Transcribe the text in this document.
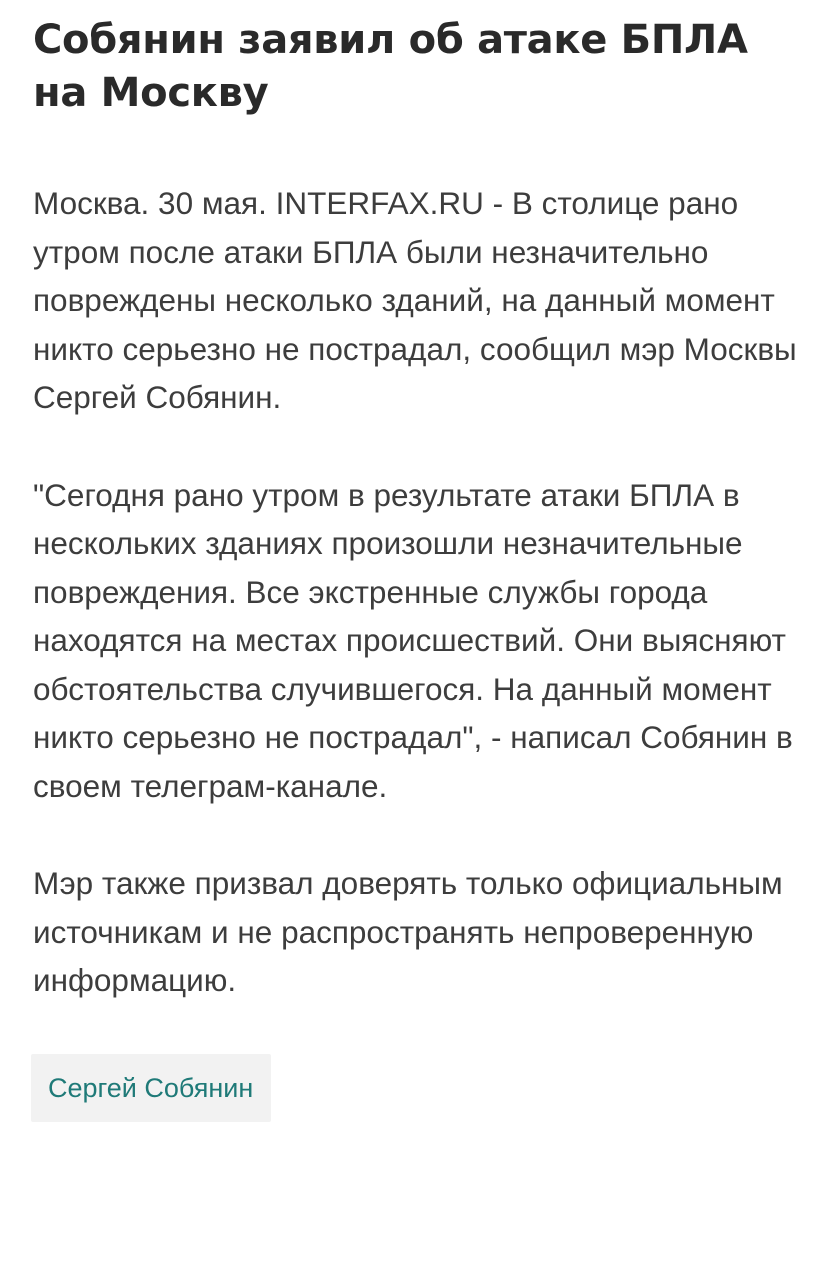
Собянин заявил об атаке БПЛА на Москву

Москва. 30 мая. INTERFAX.RU - В столице рано утром после атаки БПЛА были незначительно повреждены несколько зданий, на данный момент никто серьезно не пострадал, сообщил мэр Москвы Сергей Собянин.

"Сегодня рано утром в результате атаки БПЛА в нескольких зданиях произошли незначительные повреждения. Все экстренные службы города находятся на местах происшествий. Они выясняют обстоятельства случившегося. На данный момент никто серьезно не пострадал", - написал Собянин в своем телеграм-канале.

Мэр также призвал доверять только официальным источникам и не распространять непроверенную информацию.

Сергей Собянин
